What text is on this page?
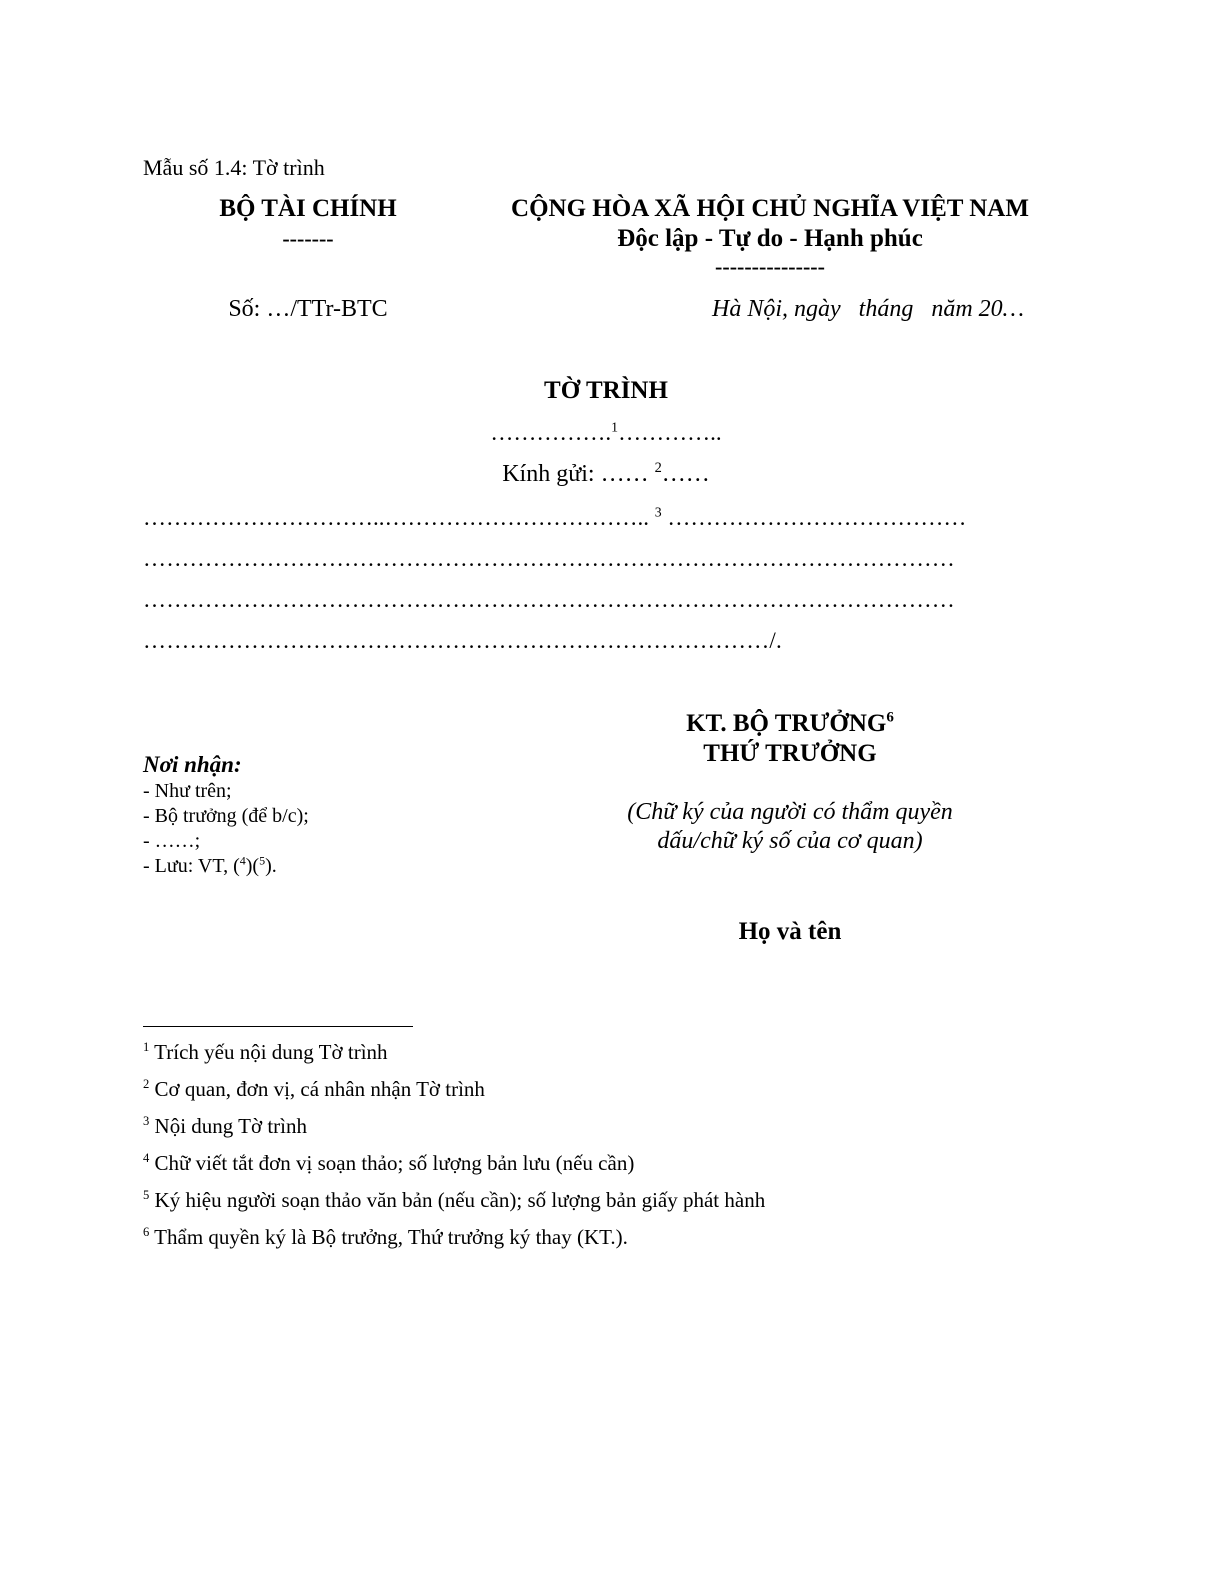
Mẫu số 1.4: Tờ trình
BỘ TÀI CHÍNH
-------
CỘNG HÒA XÃ HỘI CHỦ NGHĨA VIỆT NAM
Độc lập - Tự do - Hạnh phúc
---------------
Số: …/TTr-BTC	Hà Nội, ngày   tháng   năm 20…
TỜ TRÌNH
…………….$^1$…………..
Kính gửi: …… $^2$……
…………………………..…………………………….. $^3$ …………………………………
……………………………………………………………………………………………
……………………………………………………………………………………………
………………………………………………………………………/.
Nơi nhận:
- Như trên;
- Bộ trưởng (để b/c);
- ……;
- Lưu: VT, ($^4$)($^5$).
KT. BỘ TRƯỞNG$^6$
THỨ TRƯỞNG
(Chữ ký của người có thẩm quyền
dấu/chữ ký số của cơ quan)
Họ và tên
$^1$ Trích yếu nội dung Tờ trình
$^2$ Cơ quan, đơn vị, cá nhân nhận Tờ trình
$^3$ Nội dung Tờ trình
$^4$ Chữ viết tắt đơn vị soạn thảo; số lượng bản lưu (nếu cần)
$^5$ Ký hiệu người soạn thảo văn bản (nếu cần); số lượng bản giấy phát hành
$^6$ Thẩm quyền ký là Bộ trưởng, Thứ trưởng ký thay (KT.).
